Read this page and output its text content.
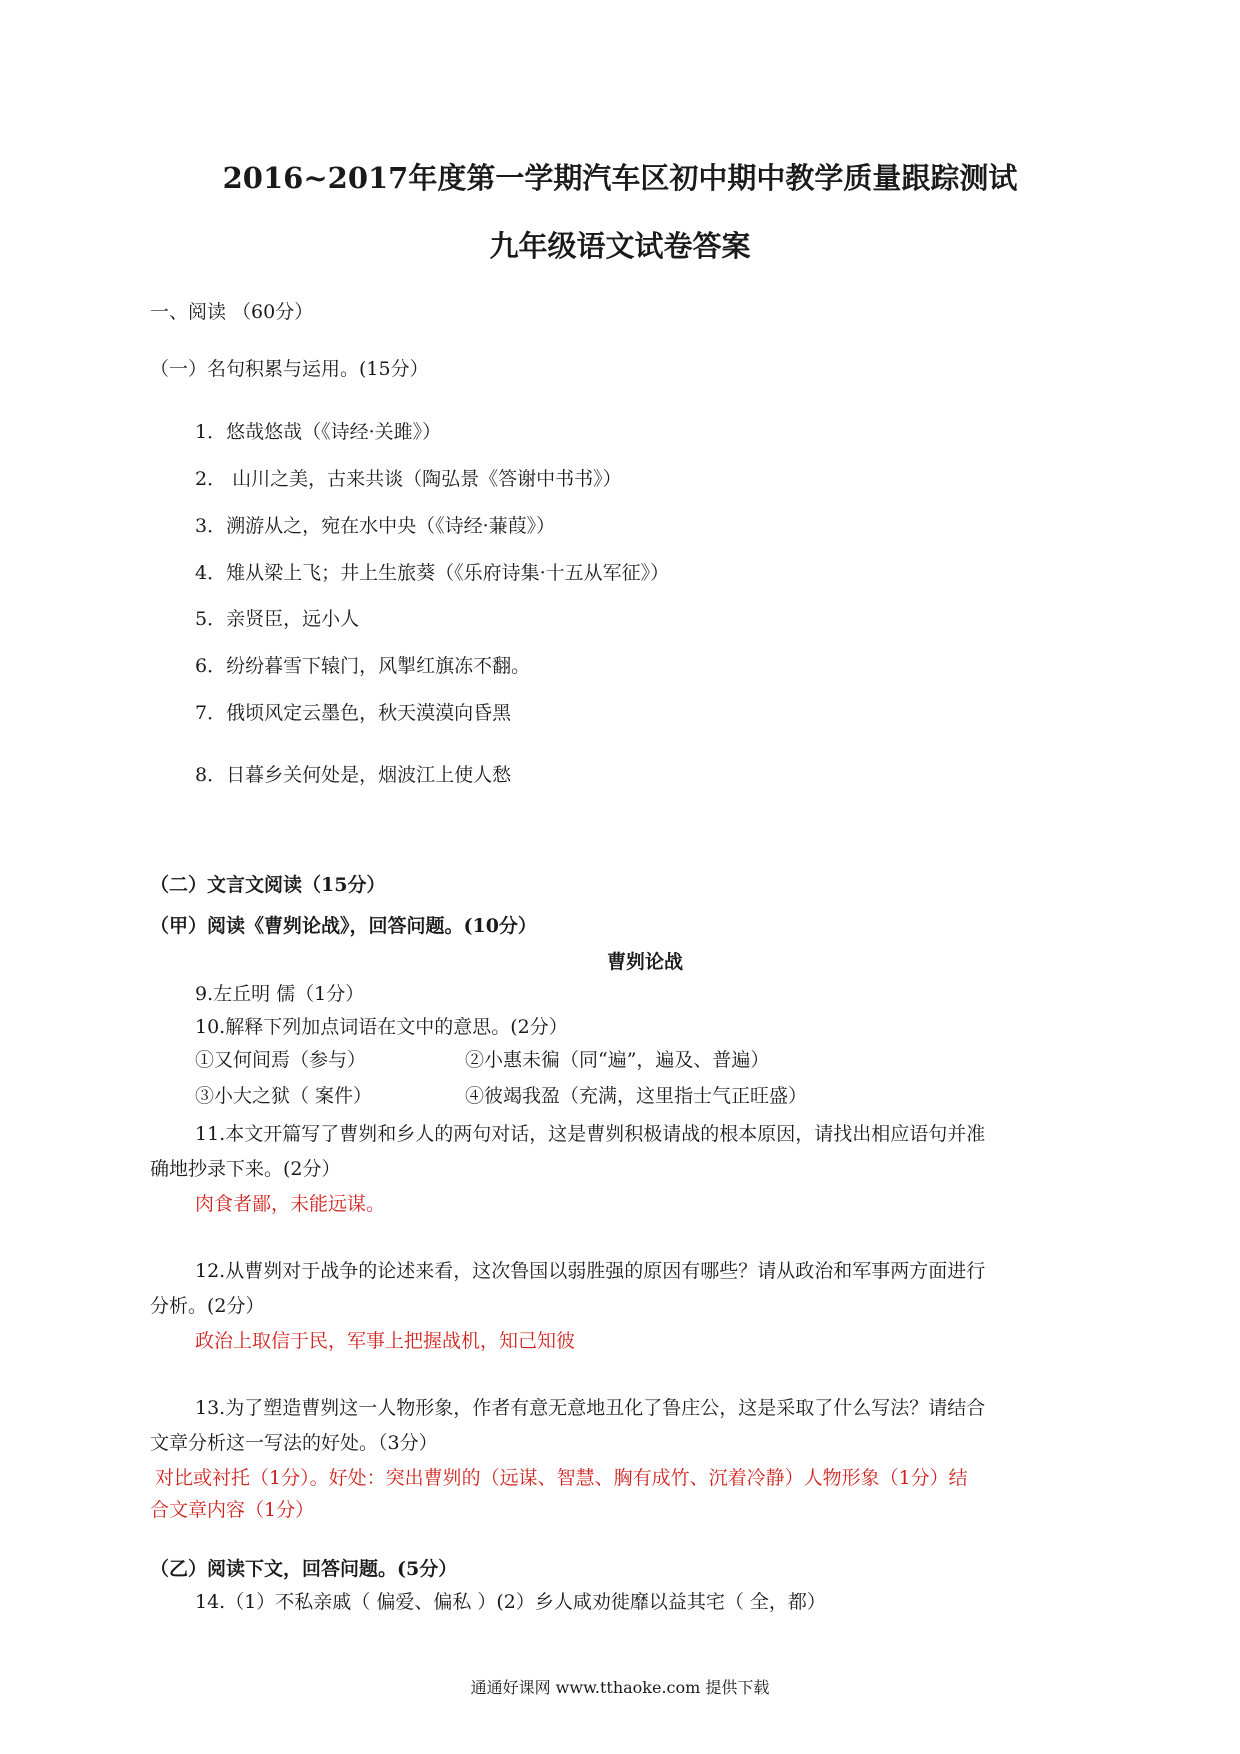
2016~2017年度第一学期汽车区初中期中教学质量跟踪测试
九年级语文试卷答案
一、阅读 （60分）
（一）名句积累与运用。(15分）
1．悠哉悠哉（《诗经·关雎》）
2． 山川之美，古来共谈（陶弘景《答谢中书书》）
3．溯游从之，宛在水中央（《诗经·蒹葭》）
4．雉从梁上飞；井上生旅葵（《乐府诗集·十五从军征》）
5．亲贤臣，远小人
6．纷纷暮雪下辕门，风掣红旗冻不翻。
7．俄顷风定云墨色，秋天漠漠向昏黑
8．日暮乡关何处是，烟波江上使人愁
（二）文言文阅读（15分）
（甲）阅读《曹刿论战》，回答问题。(10分）
曹刿论战
9.左丘明 儒（1分）
10.解释下列加点词语在文中的意思。(2分）
①又何间焉（参与）	②小惠未徧（同“遍”，遍及、普遍）
③小大之狱（ 案件）	④彼竭我盈（充满，这里指士气正旺盛）
11.本文开篇写了曹刿和乡人的两句对话，这是曹刿积极请战的根本原因，请找出相应语句并准
确地抄录下来。(2分）
肉食者鄙，未能远谋。
12.从曹刿对于战争的论述来看，这次鲁国以弱胜强的原因有哪些？请从政治和军事两方面进行
分析。(2分）
政治上取信于民，军事上把握战机，知己知彼
13.为了塑造曹刿这一人物形象，作者有意无意地丑化了鲁庄公，这是采取了什么写法？请结合
文章分析这一写法的好处。（3分）
对比或衬托（1分）。好处：突出曹刿的（远谋、智慧、胸有成竹、沉着冷静）人物形象（1分）结
合文章内容（1分）
（乙）阅读下文，回答问题。(5分）
14.（1）不私亲戚（ 偏爱、偏私 ）(2）乡人咸劝徙靡以益其宅（ 全，都）
通通好课网 www.tthaoke.com 提供下载
